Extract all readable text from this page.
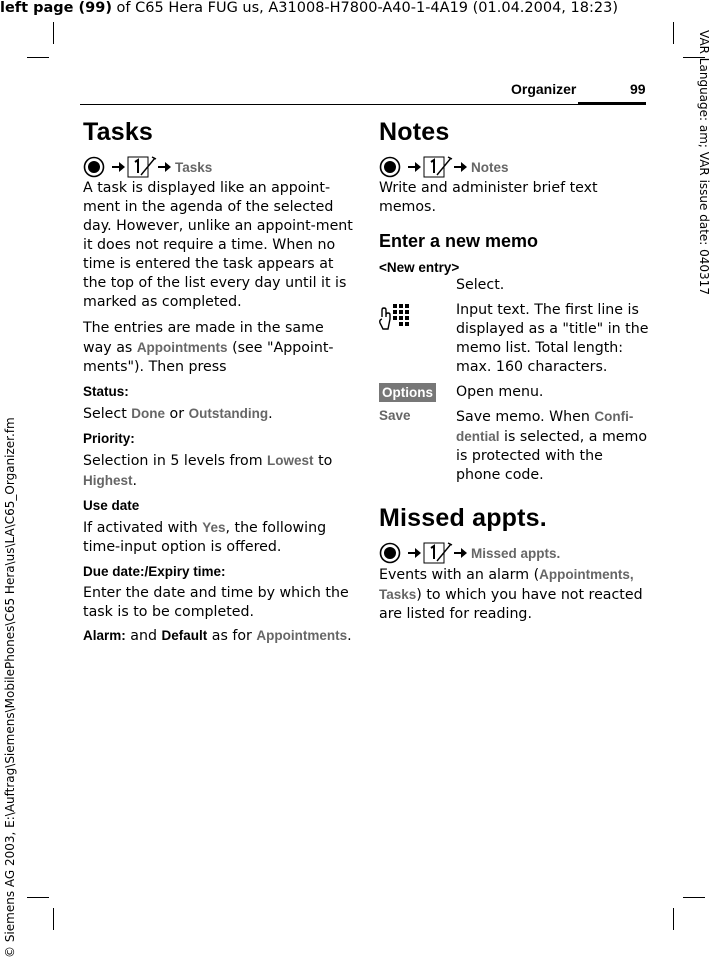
left page (99) of C65 Hera FUG us, A31008-H7800-A40-1-4A19 (01.04.2004, 18:23)
VAR Language: am; VAR issue date: 040317
© Siemens AG 2003, E:\Auftrag\Siemens\MobilePhones\C65 Hera\us\LA\C65_Organizer.fm
Organizer	99
Tasks
Tasks

A task is displayed like an appoint-ment in the agenda of the selected day. However, unlike an appoint-ment it does not require a time. When no time is entered the task appears at the top of the list every day until it is marked as completed.

The entries are made in the same way as Appointments (see "Appoint-ments"). Then press

Status:

Select Done or Outstanding.

Priority:

Selection in 5 levels from Lowest to Highest.

Use date

If activated with Yes, the following time-input option is offered.

Due date:/Expiry time:

Enter the date and time by which the task is to be completed.

Alarm: and Default as for Appointments.

Notes
Notes

Write and administer brief text memos.

Enter a new memo
<New entry>

Select.

Input text. The first line is displayed as a "title" in the memo list. Total length: max. 160 characters.

Options Open menu.

Save	Save memo. When Confi-dential is selected, a memo is protected with the phone code.

Missed appts.
Missed appts.

Events with an alarm (Appointments, Tasks) to which you have not reacted are listed for reading.
